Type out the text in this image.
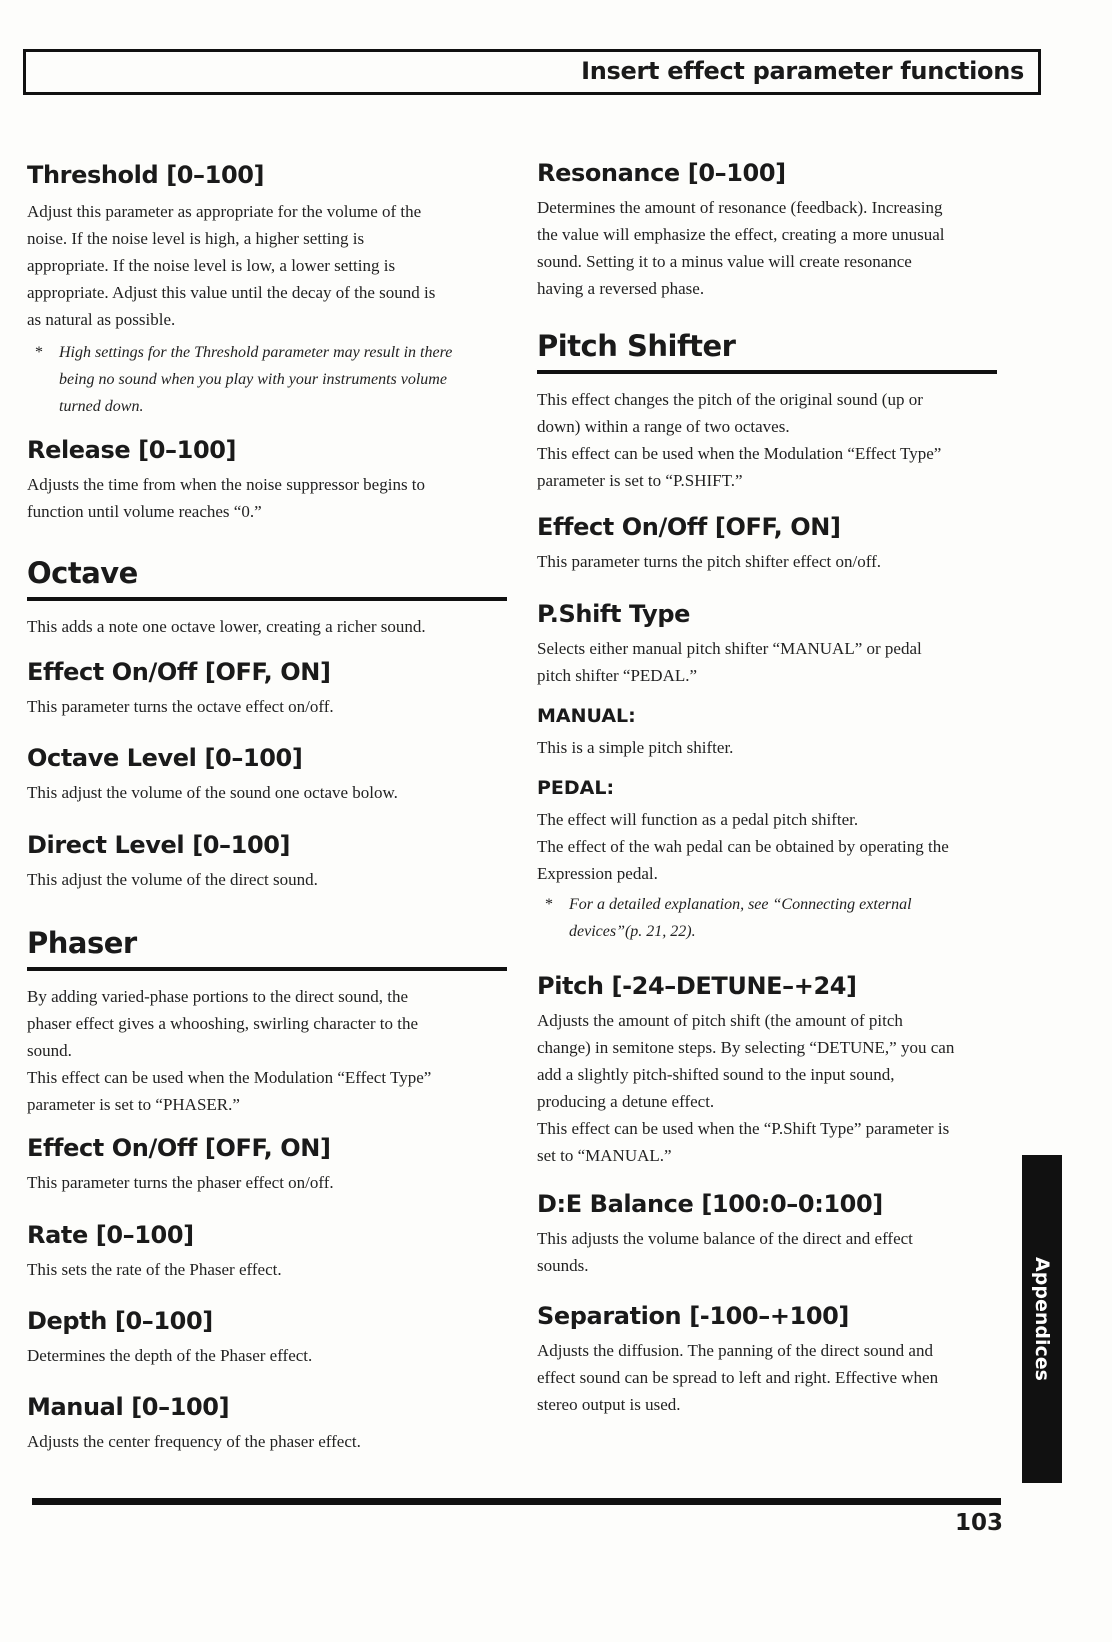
Insert effect parameter functions
Threshold [0–100]
Adjust this parameter as appropriate for the volume of the
noise. If the noise level is high, a higher setting is
appropriate. If the noise level is low, a lower setting is
appropriate. Adjust this value until the decay of the sound is
as natural as possible.
* High settings for the Threshold parameter may result in there
being no sound when you play with your instruments volume
turned down.
Release [0–100]
Adjusts the time from when the noise suppressor begins to
function until volume reaches “0.”
Octave
This adds a note one octave lower, creating a richer sound.
Effect On/Off [OFF, ON]
This parameter turns the octave effect on/off.
Octave Level [0–100]
This adjust the volume of the sound one octave bolow.
Direct Level [0–100]
This adjust the volume of the direct sound.
Phaser
By adding varied-phase portions to the direct sound, the
phaser effect gives a whooshing, swirling character to the
sound.
This effect can be used when the Modulation “Effect Type”
parameter is set to “PHASER.”
Effect On/Off [OFF, ON]
This parameter turns the phaser effect on/off.
Rate [0–100]
This sets the rate of the Phaser effect.
Depth [0–100]
Determines the depth of the Phaser effect.
Manual [0–100]
Adjusts the center frequency of the phaser effect.
Resonance [0–100]
Determines the amount of resonance (feedback). Increasing
the value will emphasize the effect, creating a more unusual
sound. Setting it to a minus value will create resonance
having a reversed phase.
Pitch Shifter
This effect changes the pitch of the original sound (up or
down) within a range of two octaves.
This effect can be used when the Modulation “Effect Type”
parameter is set to “P.SHIFT.”
Effect On/Off [OFF, ON]
This parameter turns the pitch shifter effect on/off.
P.Shift Type
Selects either manual pitch shifter “MANUAL” or pedal
pitch shifter “PEDAL.”
MANUAL:
This is a simple pitch shifter.
PEDAL:
The effect will function as a pedal pitch shifter.
The effect of the wah pedal can be obtained by operating the
Expression pedal.
* For a detailed explanation, see “Connecting external
devices”(p. 21, 22).
Pitch [-24–DETUNE–+24]
Adjusts the amount of pitch shift (the amount of pitch
change) in semitone steps. By selecting “DETUNE,” you can
add a slightly pitch-shifted sound to the input sound,
producing a detune effect.
This effect can be used when the “P.Shift Type” parameter is
set to “MANUAL.”
D:E Balance [100:0–0:100]
This adjusts the volume balance of the direct and effect
sounds.
Separation [-100–+100]
Adjusts the diffusion. The panning of the direct sound and
effect sound can be spread to left and right. Effective when
stereo output is used.
Appendices
103
